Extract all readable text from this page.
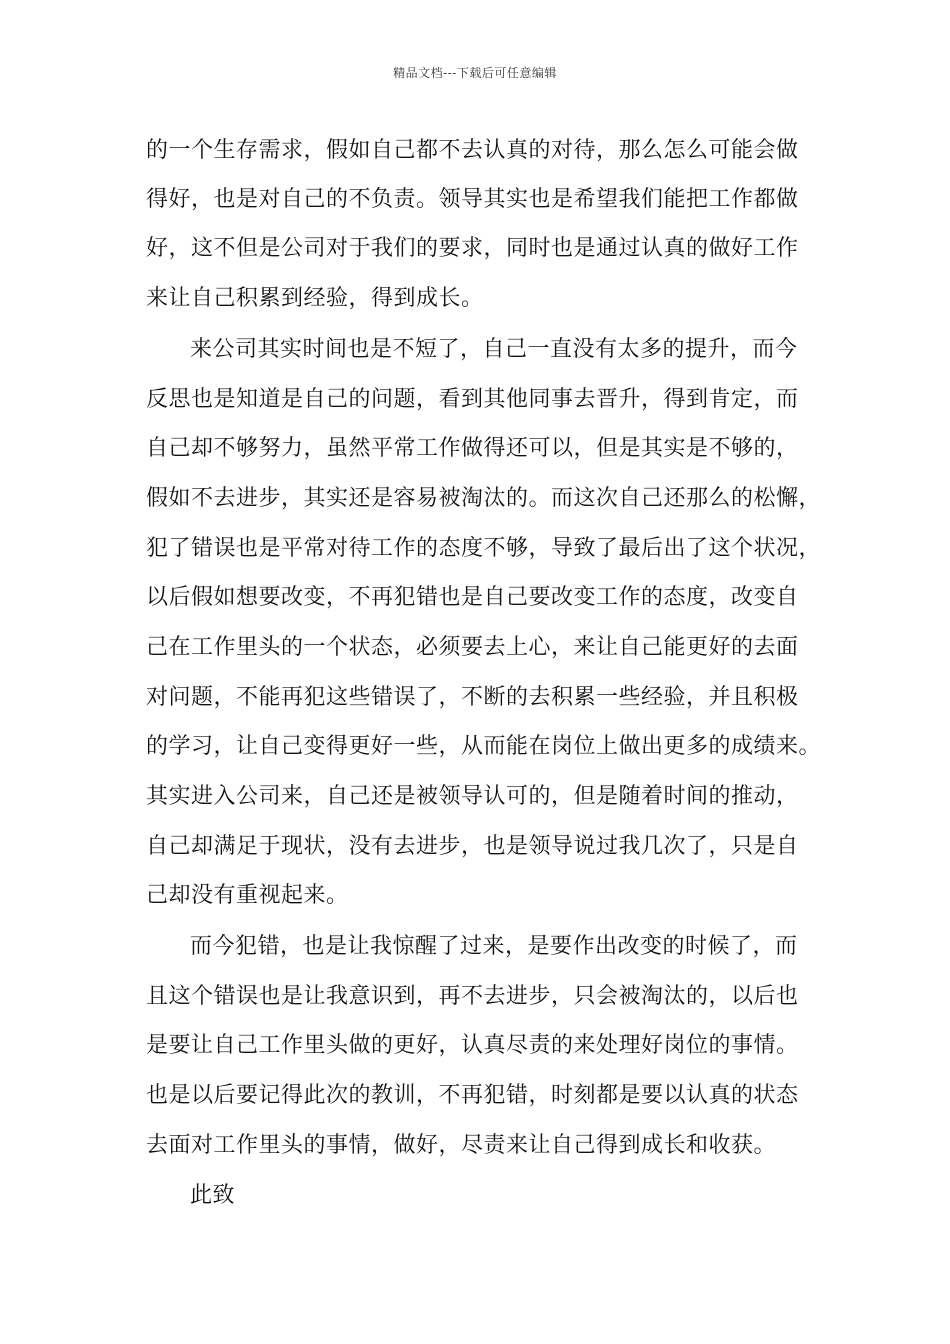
精品文档---下载后可任意编辑
的一个生存需求，假如自己都不去认真的对待，那么怎么可能会做
得好，也是对自己的不负责。领导其实也是希望我们能把工作都做
好，这不但是公司对于我们的要求，同时也是通过认真的做好工作
来让自己积累到经验，得到成长。
来公司其实时间也是不短了，自己一直没有太多的提升，而今
反思也是知道是自己的问题，看到其他同事去晋升，得到肯定，而
自己却不够努力，虽然平常工作做得还可以，但是其实是不够的，
假如不去进步，其实还是容易被淘汰的。而这次自己还那么的松懈，
犯了错误也是平常对待工作的态度不够，导致了最后出了这个状况，
以后假如想要改变，不再犯错也是自己要改变工作的态度，改变自
己在工作里头的一个状态，必须要去上心，来让自己能更好的去面
对问题，不能再犯这些错误了，不断的去积累一些经验，并且积极
的学习，让自己变得更好一些，从而能在岗位上做出更多的成绩来。
其实进入公司来，自己还是被领导认可的，但是随着时间的推动，
自己却满足于现状，没有去进步，也是领导说过我几次了，只是自
己却没有重视起来。
而今犯错，也是让我惊醒了过来，是要作出改变的时候了，而
且这个错误也是让我意识到，再不去进步，只会被淘汰的，以后也
是要让自己工作里头做的更好，认真尽责的来处理好岗位的事情。
也是以后要记得此次的教训，不再犯错，时刻都是要以认真的状态
去面对工作里头的事情，做好，尽责来让自己得到成长和收获。
此致
